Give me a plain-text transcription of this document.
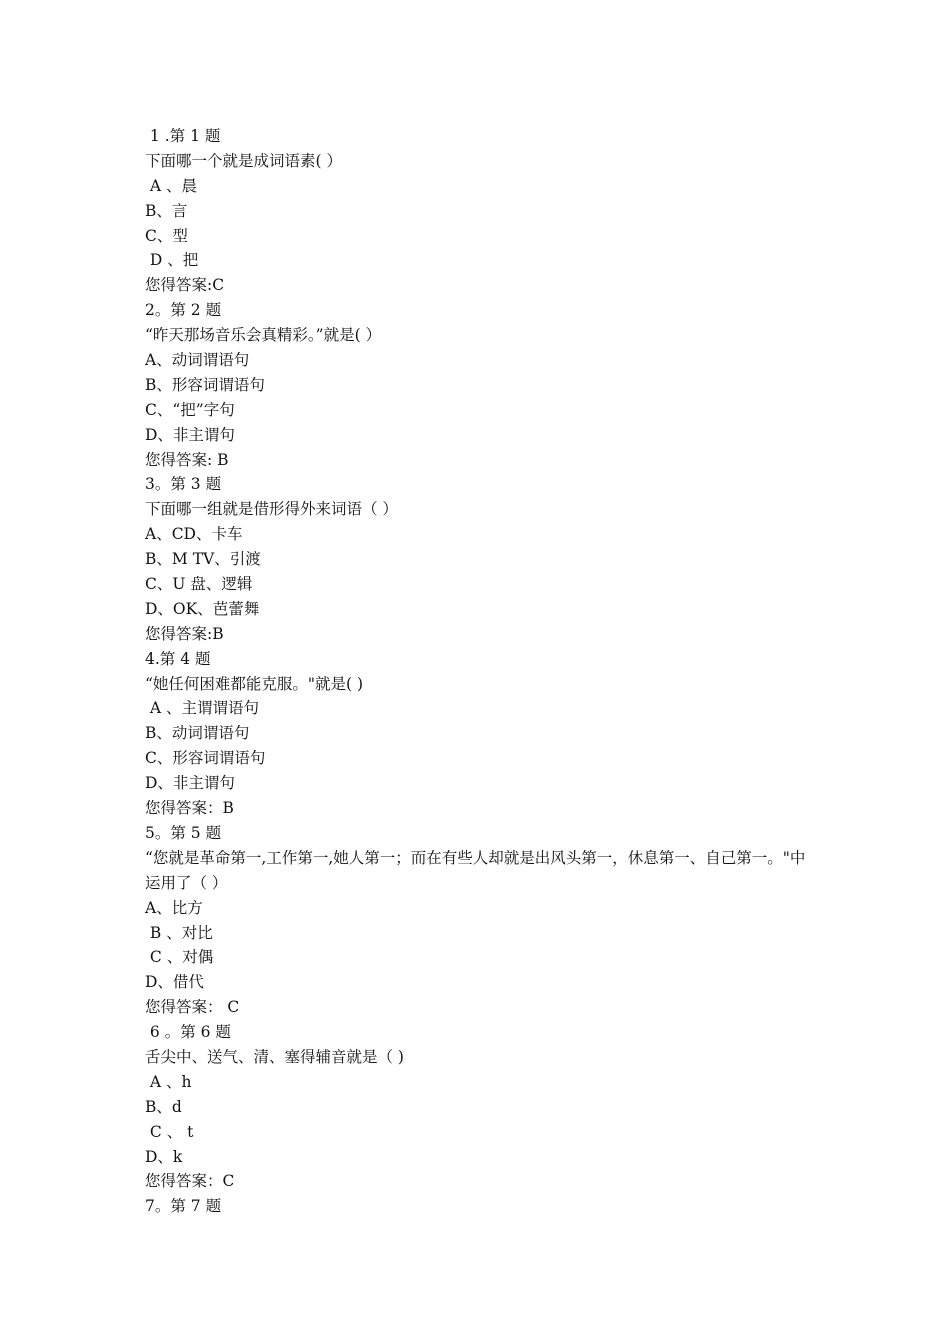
1 .第 1 题
下面哪一个就是成词语素( ）
A 、晨
B、言
C、型
D 、把
您得答案:C
2。第 2 题
“昨天那场音乐会真精彩。”就是( ）
A、动词谓语句
B、形容词谓语句
C、“把”字句
D、非主谓句
您得答案: B
3。第 3 题
下面哪一组就是借形得外来词语（ ）
A、CD、卡车
B、M TV、引渡
C、U 盘、逻辑
D、OK、芭蕾舞
您得答案:B
4.第 4 题
“她任何困难都能克服。"就是( )
A 、主谓谓语句
B、动词谓语句
C、形容词谓语句
D、非主谓句
您得答案：B
5。第 5 题
“您就是革命第一,工作第一,她人第一；而在有些人却就是出风头第一，休息第一、自己第一。"中运用了（ ）
A、比方
B 、对比
C 、对偶
D、借代
您得答案： C
6 。第 6 题
舌尖中、送气、清、塞得辅音就是（ )
A 、h
B、d
C 、 t
D、k
您得答案：C
7。第 7 题
